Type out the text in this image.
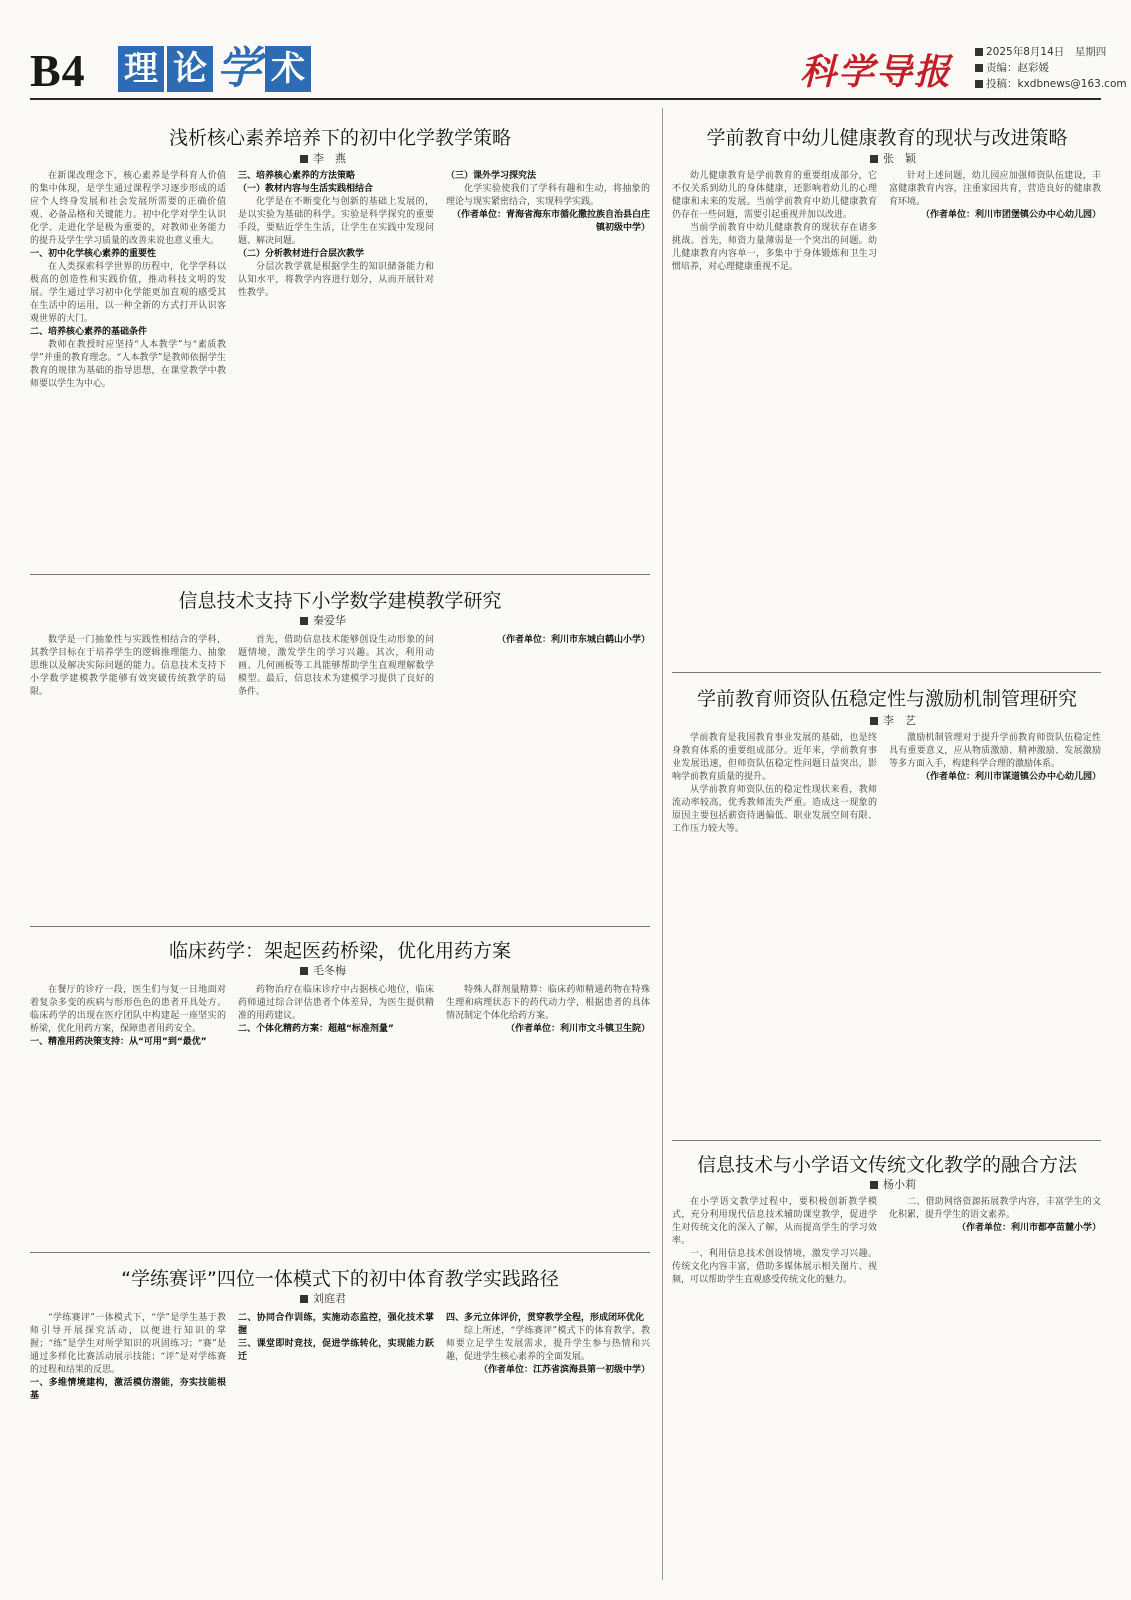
B4 理 论 学 术	科学导报	2025年8月14日　星期四
责编：赵彩媛
投稿：kxdbnews@163.com
浅析核心素养培养下的初中化学教学策略
李　燕

在新课改理念下，核心素养是学科育人价值的集中体现，是学生通过课程学习逐步形成的适应个人终身发展和社会发展所需要的正确价值观、必备品格和关键能力。初中化学对学生认识化学、走进化学是极为重要的，对教师业务能力的提升及学生学习质量的改善来说也意义重大。

一、初中化学核心素养的重要性

在人类探索科学世界的历程中，化学学科以极高的创造性和实践价值，推动科技文明的发展。学生通过学习初中化学能更加直观的感受其在生活中的运用，以一种全新的方式打开认识客观世界的大门。

二、培养核心素养的基础条件

教师在教授时应坚持“人本教学”与“素质教学”并重的教育理念。“人本教学”是教师依据学生教育的规律为基础的指导思想，在课堂教学中教师要以学生为中心。

三、培养核心素养的方法策略

（一）教材内容与生活实践相结合

化学是在不断变化与创新的基础上发展的，是以实验为基础的科学。实验是科学探究的重要手段，要贴近学生生活，让学生在实践中发现问题、解决问题。

（二）分析教材进行合层次教学

分层次教学就是根据学生的知识储备能力和认知水平，将教学内容进行划分，从而开展针对性教学。

（三）课外学习探究法

化学实验使我们了学科有趣和生动，将抽象的理论与现实紧密结合，实现科学实践。

（作者单位：青海省海东市循化撒拉族自治县白庄镇初级中学）

学前教育中幼儿健康教育的现状与改进策略
张　颖

幼儿健康教育是学前教育的重要组成部分，它不仅关系到幼儿的身体健康，还影响着幼儿的心理健康和未来的发展。当前学前教育中幼儿健康教育仍存在一些问题，需要引起重视并加以改进。

当前学前教育中幼儿健康教育的现状存在诸多挑战。首先，师资力量薄弱是一个突出的问题。幼儿健康教育内容单一，多集中于身体锻炼和卫生习惯培养，对心理健康重视不足。

针对上述问题，幼儿园应加强师资队伍建设，丰富健康教育内容，注重家园共育，营造良好的健康教育环境。

（作者单位：利川市团堡镇公办中心幼儿园）

信息技术支持下小学数学建模教学研究
秦爱华

数学是一门抽象性与实践性相结合的学科，其教学目标在于培养学生的逻辑推理能力、抽象思维以及解决实际问题的能力。信息技术支持下小学数学建模教学能够有效突破传统教学的局限。

首先，借助信息技术能够创设生动形象的问题情境，激发学生的学习兴趣。其次，利用动画、几何画板等工具能够帮助学生直观理解数学模型。最后，信息技术为建模学习提供了良好的条件。

（作者单位：利川市东城白鹤山小学）

学前教育师资队伍稳定性与激励机制管理研究
李　艺

学前教育是我国教育事业发展的基础，也是终身教育体系的重要组成部分。近年来，学前教育事业发展迅速，但师资队伍稳定性问题日益突出，影响学前教育质量的提升。

从学前教育师资队伍的稳定性现状来看，教师流动率较高，优秀教师流失严重。造成这一现象的原因主要包括薪资待遇偏低、职业发展空间有限、工作压力较大等。

激励机制管理对于提升学前教育师资队伍稳定性具有重要意义，应从物质激励、精神激励、发展激励等多方面入手，构建科学合理的激励体系。

（作者单位：利川市谋道镇公办中心幼儿园）

临床药学：架起医药桥梁，优化用药方案
毛冬梅

在餐厅的诊疗一段，医生们与复一日地面对着复杂多变的疾病与形形色色的患者开具处方。临床药学的出现在医疗团队中构建起一座坚实的桥梁，优化用药方案，保障患者用药安全。

一、精准用药决策支持：从“可用”到“最优”

药物治疗在临床诊疗中占据核心地位，临床药师通过综合评估患者个体差异，为医生提供精准的用药建议。

二、个体化精药方案：超越“标准剂量”

特殊人群剂量精算：临床药师精通药物在特殊生理和病理状态下的药代动力学，根据患者的具体情况制定个体化给药方案。

（作者单位：利川市文斗镇卫生院）

信息技术与小学语文传统文化教学的融合方法
杨小莉

在小学语文教学过程中，要积极创新教学模式，充分利用现代信息技术辅助课堂教学，促进学生对传统文化的深入了解，从而提高学生的学习效率。

一、利用信息技术创设情境，激发学习兴趣。传统文化内容丰富，借助多媒体展示相关图片、视频，可以帮助学生直观感受传统文化的魅力。

二、借助网络资源拓展教学内容，丰富学生的文化积累，提升学生的语文素养。

（作者单位：利川市都亭苗麓小学）

“学练赛评”四位一体模式下的初中体育教学实践路径
刘庭君

“学练赛评”一体模式下，“学”是学生基于教师引导开展探究活动，以便进行知识的掌握；“练”是学生对所学知识的巩固练习；“赛”是通过多样化比赛活动展示技能；“评”是对学练赛的过程和结果的反思。

一、多维情境建构，激活模仿潜能，夯实技能根基

二、协同合作训练，实施动态监控，强化技术掌握

三、课堂即时竞技，促进学练转化，实现能力跃迁

四、多元立体评价，贯穿教学全程，形成闭环优化

综上所述，“学练赛评”模式下的体育教学，教师要立足学生发展需求，提升学生参与热情和兴趣，促进学生核心素养的全面发展。

（作者单位：江苏省滨海县第一初级中学）
